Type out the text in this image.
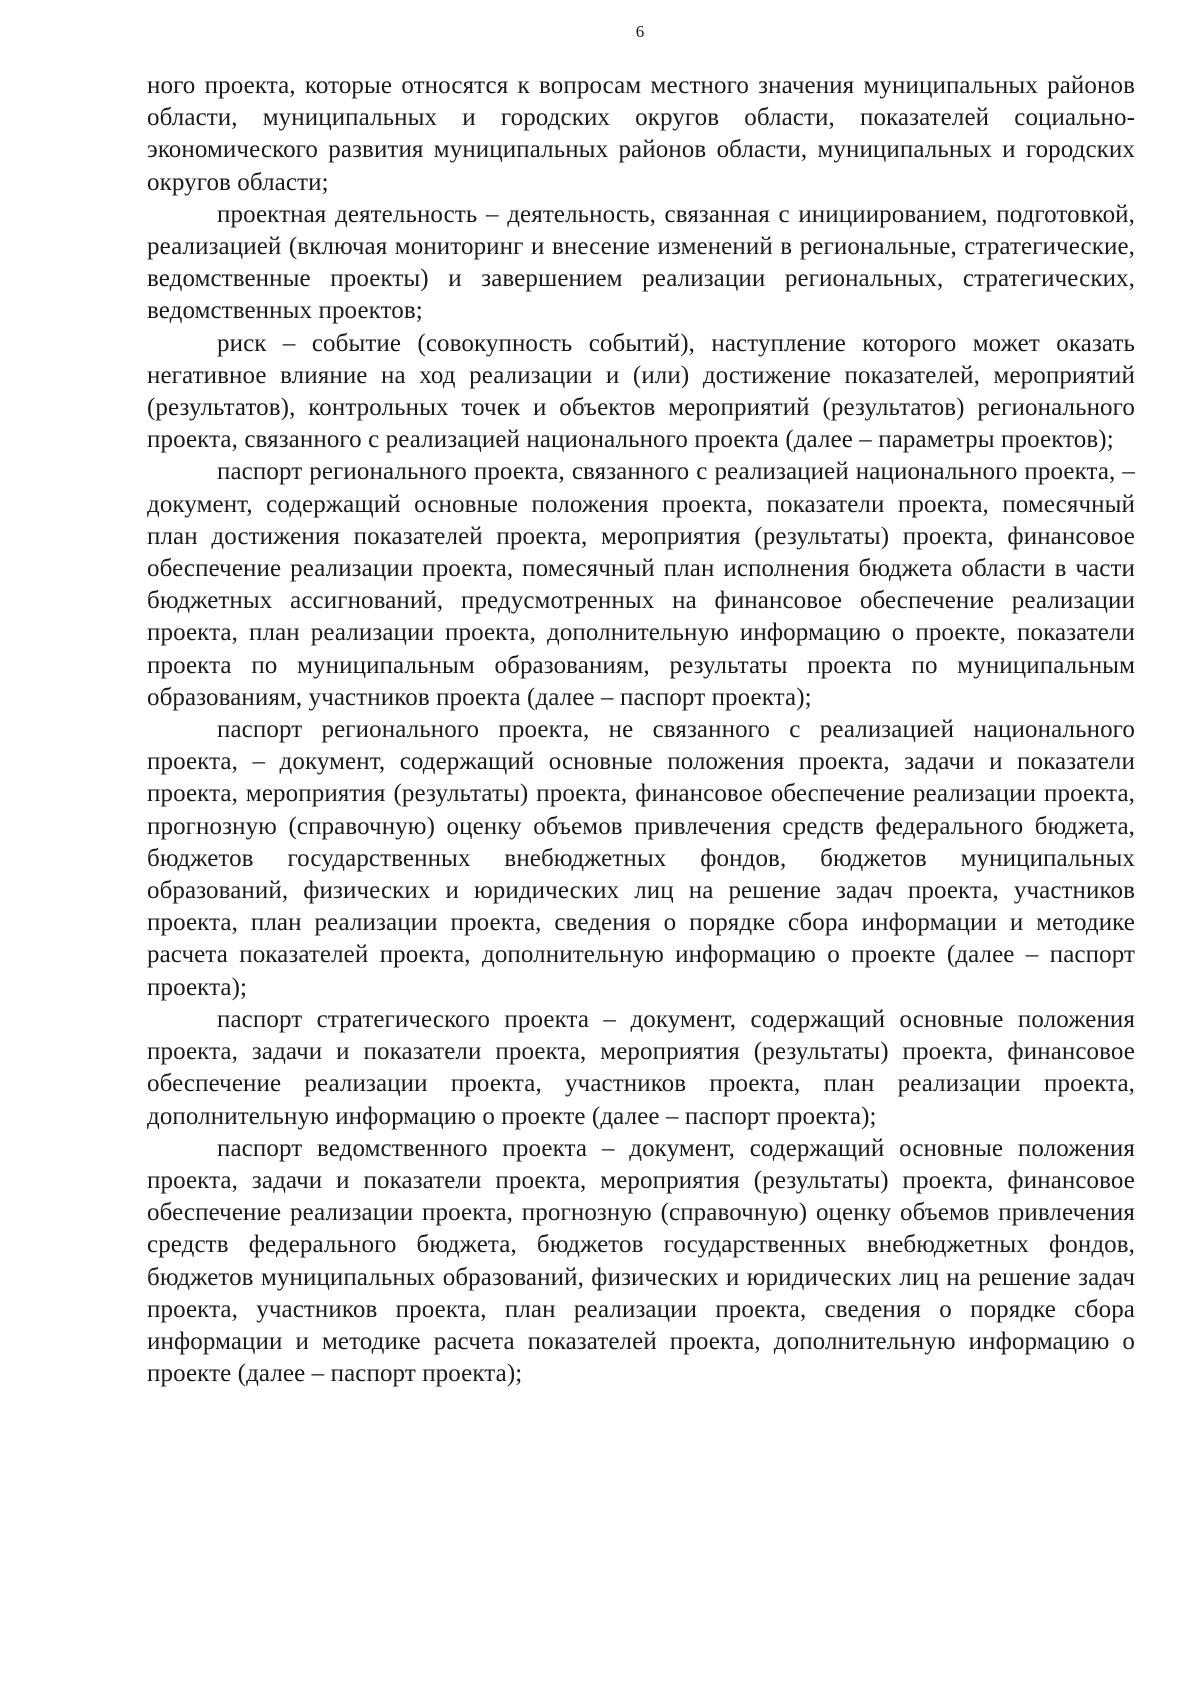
6

ного проекта, которые относятся к вопросам местного значения муниципальных районов области, муниципальных и городских округов области, показателей социально-экономического развития муниципальных районов области, муниципальных и городских округов области;

проектная деятельность – деятельность, связанная с инициированием, подготовкой, реализацией (включая мониторинг и внесение изменений в региональные, стратегические, ведомственные проекты) и завершением реализации региональных, стратегических, ведомственных проектов;

риск – событие (совокупность событий), наступление которого может оказать негативное влияние на ход реализации и (или) достижение показателей, мероприятий (результатов), контрольных точек и объектов мероприятий (результатов) регионального проекта, связанного с реализацией национального проекта (далее – параметры проектов);

паспорт регионального проекта, связанного с реализацией национального проекта, – документ, содержащий основные положения проекта, показатели проекта, помесячный план достижения показателей проекта, мероприятия (результаты) проекта, финансовое обеспечение реализации проекта, помесячный план исполнения бюджета области в части бюджетных ассигнований, предусмотренных на финансовое обеспечение реализации проекта, план реализации проекта, дополнительную информацию о проекте, показатели проекта по муниципальным образованиям, результаты проекта по муниципальным образованиям, участников проекта (далее – паспорт проекта);

паспорт регионального проекта, не связанного с реализацией национального проекта, – документ, содержащий основные положения проекта, задачи и показатели проекта, мероприятия (результаты) проекта, финансовое обеспечение реализации проекта, прогнозную (справочную) оценку объемов привлечения средств федерального бюджета, бюджетов государственных внебюджетных фондов, бюджетов муниципальных образований, физических и юридических лиц на решение задач проекта, участников проекта, план реализации проекта, сведения о порядке сбора информации и методике расчета показателей проекта, дополнительную информацию о проекте (далее – паспорт проекта);

паспорт стратегического проекта – документ, содержащий основные положения проекта, задачи и показатели проекта, мероприятия (результаты) проекта, финансовое обеспечение реализации проекта, участников проекта, план реализации проекта, дополнительную информацию о проекте (далее – паспорт проекта);

паспорт ведомственного проекта – документ, содержащий основные положения проекта, задачи и показатели проекта, мероприятия (результаты) проекта, финансовое обеспечение реализации проекта, прогнозную (справочную) оценку объемов привлечения средств федерального бюджета, бюджетов государственных внебюджетных фондов, бюджетов муниципальных образований, физических и юридических лиц на решение задач проекта, участников проекта, план реализации проекта, сведения о порядке сбора информации и методике расчета показателей проекта, дополнительную информацию о проекте (далее – паспорт проекта);
